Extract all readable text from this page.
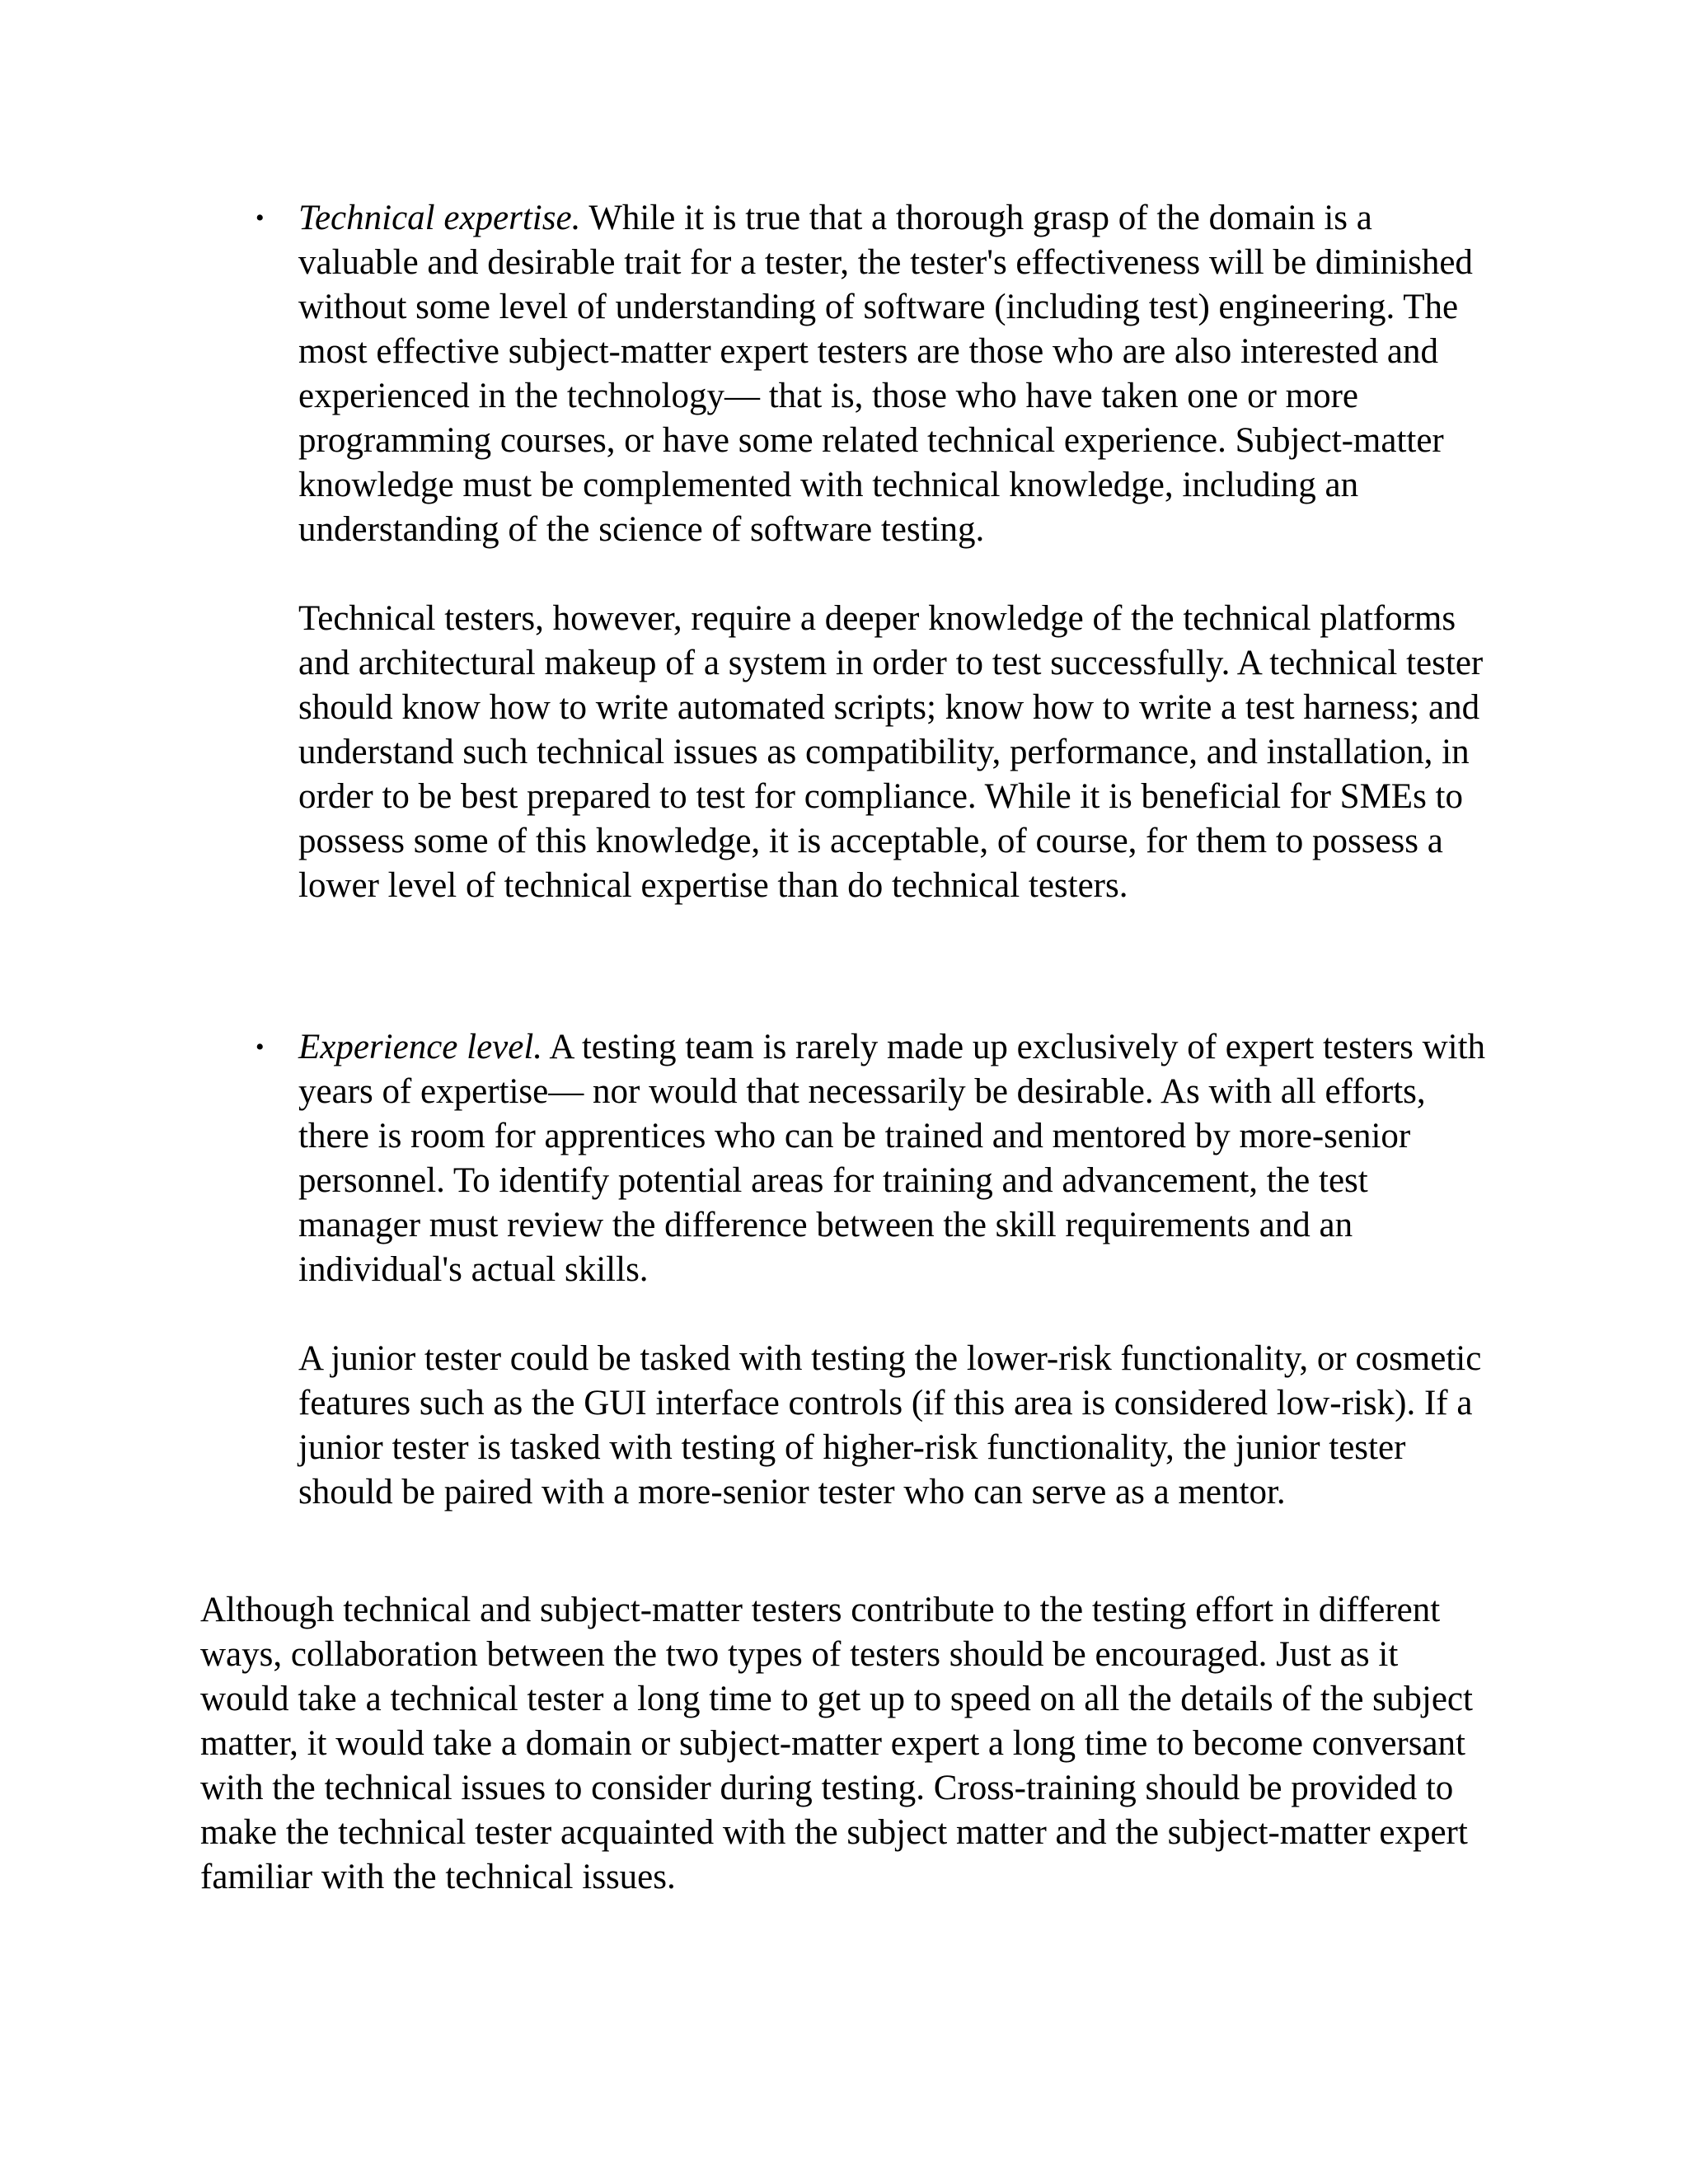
• Technical expertise. While it is true that a thorough grasp of the domain is a valuable and desirable trait for a tester, the tester's effectiveness will be diminished without some level of understanding of software (including test) engineering. The most effective subject-matter expert testers are those who are also interested and experienced in the technology— that is, those who have taken one or more programming courses, or have some related technical experience. Subject-matter knowledge must be complemented with technical knowledge, including an understanding of the science of software testing.

Technical testers, however, require a deeper knowledge of the technical platforms and architectural makeup of a system in order to test successfully. A technical tester should know how to write automated scripts; know how to write a test harness; and understand such technical issues as compatibility, performance, and installation, in order to be best prepared to test for compliance. While it is beneficial for SMEs to possess some of this knowledge, it is acceptable, of course, for them to possess a lower level of technical expertise than do technical testers.

• Experience level. A testing team is rarely made up exclusively of expert testers with years of expertise— nor would that necessarily be desirable. As with all efforts, there is room for apprentices who can be trained and mentored by more-senior personnel. To identify potential areas for training and advancement, the test manager must review the difference between the skill requirements and an individual's actual skills.

A junior tester could be tasked with testing the lower-risk functionality, or cosmetic features such as the GUI interface controls (if this area is considered low-risk). If a junior tester is tasked with testing of higher-risk functionality, the junior tester should be paired with a more-senior tester who can serve as a mentor.

Although technical and subject-matter testers contribute to the testing effort in different ways, collaboration between the two types of testers should be encouraged. Just as it would take a technical tester a long time to get up to speed on all the details of the subject matter, it would take a domain or subject-matter expert a long time to become conversant with the technical issues to consider during testing. Cross-training should be provided to make the technical tester acquainted with the subject matter and the subject-matter expert familiar with the technical issues.
